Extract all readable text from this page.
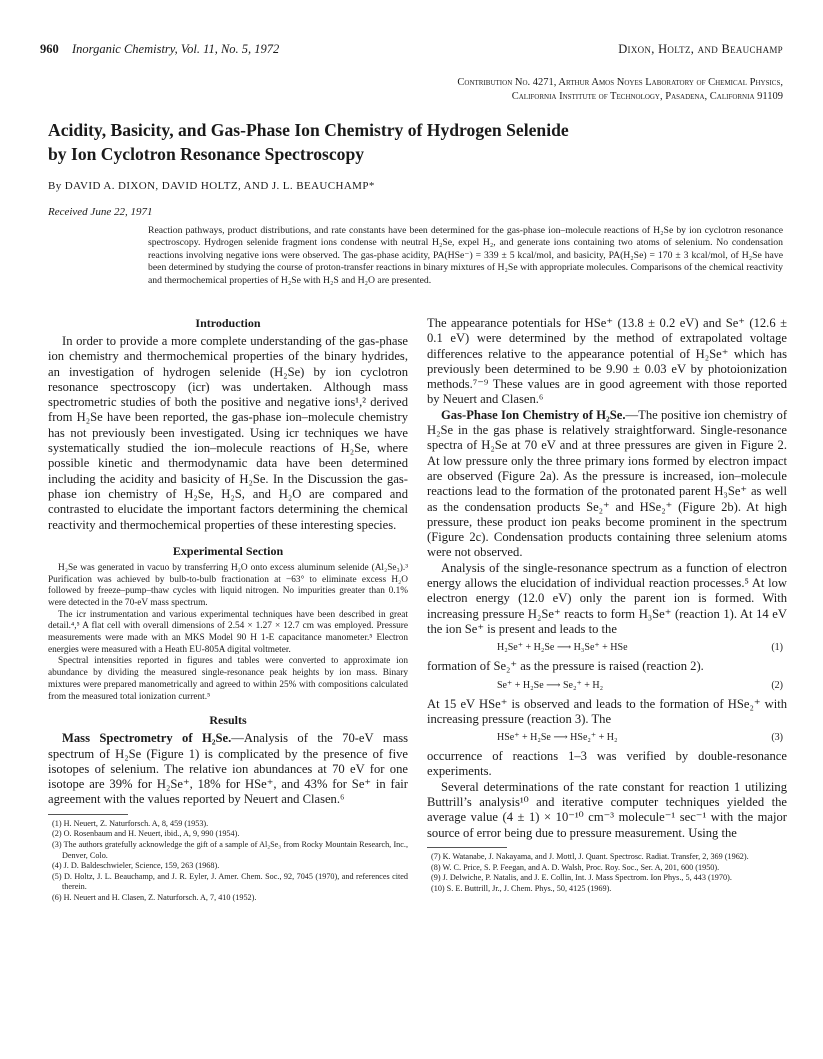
960 Inorganic Chemistry, Vol. 11, No. 5, 1972	Dixon, Holtz, and Beauchamp
Contribution No. 4271, Arthur Amos Noyes Laboratory of Chemical Physics,
California Institute of Technology, Pasadena, California 91109
Acidity, Basicity, and Gas-Phase Ion Chemistry of Hydrogen Selenide
by Ion Cyclotron Resonance Spectroscopy
By DAVID A. DIXON, DAVID HOLTZ, AND J. L. BEAUCHAMP*
Received June 22, 1971
Reaction pathways, product distributions, and rate constants have been determined for the gas-phase ion–molecule reactions of H₂Se by ion cyclotron resonance spectroscopy. Hydrogen selenide fragment ions condense with neutral H₂Se, expel H₂, and generate ions containing two atoms of selenium. No condensation reactions involving negative ions were observed. The gas-phase acidity, PA(HSe⁻) = 339 ± 5 kcal/mol, and basicity, PA(H₂Se) = 170 ± 3 kcal/mol, of H₂Se have been determined by studying the course of proton-transfer reactions in binary mixtures of H₂Se with appropriate molecules. Comparisons of the chemical reactivity and thermochemical properties of H₂Se with H₂S and H₂O are presented.
Introduction

In order to provide a more complete understanding of the gas-phase ion chemistry and thermochemical properties of the binary hydrides, an investigation of hydrogen selenide (H₂Se) by ion cyclotron resonance spectroscopy (icr) was undertaken. Although mass spectrometric studies of both the positive and negative ions¹,² derived from H₂Se have been reported, the gas-phase ion–molecule chemistry has not previously been investigated. Using icr techniques we have systematically studied the ion–molecule reactions of H₂Se, where possible kinetic and thermodynamic data have been determined including the acidity and basicity of H₂Se. In the Discussion the gas-phase ion chemistry of H₂Se, H₂S, and H₂O are compared and contrasted to elucidate the important factors determining the chemical reactivity and thermochemical properties of these interesting species.

Experimental Section

H₂Se was generated in vacuo by transferring H₂O onto excess aluminum selenide (Al₂Se₃).³ Purification was achieved by bulb-to-bulb fractionation at −63° to eliminate excess H₂O followed by freeze–pump–thaw cycles with liquid nitrogen. No impurities greater than 0.1% were detected in the 70-eV mass spectrum.

The icr instrumentation and various experimental techniques have been described in great detail.⁴,⁵ A flat cell with overall dimensions of 2.54 × 1.27 × 12.7 cm was employed. Pressure measurements were made with an MKS Model 90 H 1-E capacitance manometer.⁵ Electron energies were measured with a Heath EU-805A digital voltmeter.

Spectral intensities reported in figures and tables were converted to approximate ion abundance by dividing the measured single-resonance peak heights by ion mass. Binary mixtures were prepared manometrically and agreed to within 25% with compositions calculated from the measured total ionization current.⁵

Results

Mass Spectrometry of H₂Se.—Analysis of the 70-eV mass spectrum of H₂Se (Figure 1) is complicated by the presence of five isotopes of selenium. The relative ion abundances at 70 eV for one isotope are 39% for H₂Se⁺, 18% for HSe⁺, and 43% for Se⁺ in fair agreement with the values reported by Neuert and Clasen.⁶

(1) H. Neuert, Z. Naturforsch. A, 8, 459 (1953).
(2) O. Rosenbaum and H. Neuert, ibid., A, 9, 990 (1954).
(3) The authors gratefully acknowledge the gift of a sample of Al₂Se₃ from Rocky Mountain Research, Inc., Denver, Colo.
(4) J. D. Baldeschwieler, Science, 159, 263 (1968).
(5) D. Holtz, J. L. Beauchamp, and J. R. Eyler, J. Amer. Chem. Soc., 92, 7045 (1970), and references cited therein.
(6) H. Neuert and H. Clasen, Z. Naturforsch. A, 7, 410 (1952).

The appearance potentials for HSe⁺ (13.8 ± 0.2 eV) and Se⁺ (12.6 ± 0.1 eV) were determined by the method of extrapolated voltage differences relative to the appearance potential of H₂Se⁺ which has previously been determined to be 9.90 ± 0.03 eV by photoionization methods.⁷⁻⁹ These values are in good agreement with those reported by Neuert and Clasen.⁶

Gas-Phase Ion Chemistry of H₂Se.—The positive ion chemistry of H₂Se in the gas phase is relatively straightforward. Single-resonance spectra of H₂Se at 70 eV and at three pressures are given in Figure 2. At low pressure only the three primary ions formed by electron impact are observed (Figure 2a). As the pressure is increased, ion–molecule reactions lead to the formation of the protonated parent H₃Se⁺ as well as the condensation products Se₂⁺ and HSe₂⁺ (Figure 2b). At high pressure, these product ion peaks become prominent in the spectrum (Figure 2c). Condensation products containing three selenium atoms were not observed.

Analysis of the single-resonance spectrum as a function of electron energy allows the elucidation of individual reaction processes.⁵ At low electron energy (12.0 eV) only the parent ion is formed. With increasing pressure H₂Se⁺ reacts to form H₃Se⁺ (reaction 1). At 14 eV the ion Se⁺ is present and leads to the

H₂Se⁺ + H₂Se ⟶ H₃Se⁺ + HSe	(1)

formation of Se₂⁺ as the pressure is raised (reaction 2).

Se⁺ + H₂Se ⟶ Se₂⁺ + H₂	(2)

At 15 eV HSe⁺ is observed and leads to the formation of HSe₂⁺ with increasing pressure (reaction 3). The

HSe⁺ + H₂Se ⟶ HSe₂⁺ + H₂	(3)

occurrence of reactions 1–3 was verified by double-resonance experiments.

Several determinations of the rate constant for reaction 1 utilizing Buttrill’s analysis¹⁰ and iterative computer techniques yielded the average value (4 ± 1) × 10⁻¹⁰ cm⁻³ molecule⁻¹ sec⁻¹ with the major source of error being due to pressure measurement. Using the

(7) K. Watanabe, J. Nakayama, and J. Mottl, J. Quant. Spectrosc. Radiat. Transfer, 2, 369 (1962).
(8) W. C. Price, S. P. Feegan, and A. D. Walsh, Proc. Roy. Soc., Ser. A, 201, 600 (1950).
(9) J. Delwiche, P. Natalis, and J. E. Collin, Int. J. Mass Spectrom. Ion Phys., 5, 443 (1970).
(10) S. E. Buttrill, Jr., J. Chem. Phys., 50, 4125 (1969).
